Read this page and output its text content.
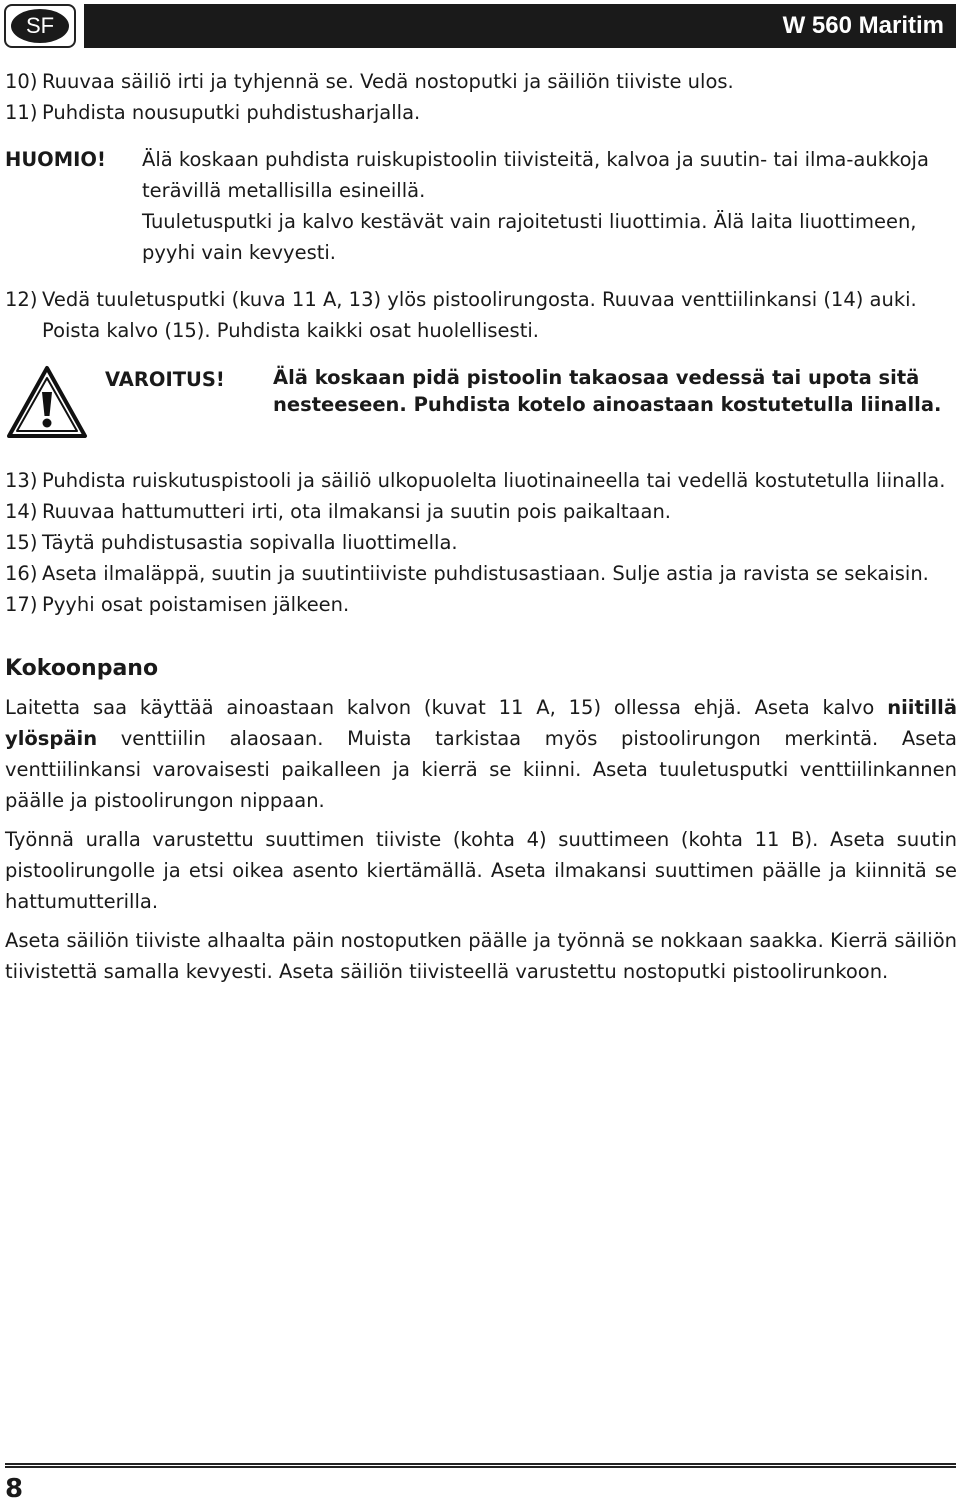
SF	W 560 Maritim
10) Ruuvaa säiliö irti ja tyhjennä se. Vedä nostoputki ja säiliön tiiviste ulos.
11) Puhdista nousuputki puhdistusharjalla.
HUOMIO!	Älä koskaan puhdista ruiskupistoolin tiivisteitä, kalvoa ja suutin- tai ilma-aukkoja terävillä metallisilla esineillä.
Tuuletusputki ja kalvo kestävät vain rajoitetusti liuottimia. Älä laita liuottimeen, pyyhi vain kevyesti.
12) Vedä tuuletusputki (kuva 11 A, 13) ylös pistoolirungosta. Ruuvaa venttiilinkansi (14) auki. Poista kalvo (15). Puhdista kaikki osat huolellisesti.
VAROITUS!	Älä koskaan pidä pistoolin takaosaa vedessä tai upota sitä nesteeseen. Puhdista kotelo ainoastaan kostutetulla liinalla.
13) Puhdista ruiskutuspistooli ja säiliö ulkopuolelta liuotinaineella tai vedellä kostutetulla liinalla.
14) Ruuvaa hattumutteri irti, ota ilmakansi ja suutin pois paikaltaan.
15) Täytä puhdistusastia sopivalla liuottimella.
16) Aseta ilmaläppä, suutin ja suutintiiviste puhdistusastiaan. Sulje astia ja ravista se sekaisin.
17) Pyyhi osat poistamisen jälkeen.
Kokoonpano

Laitetta saa käyttää ainoastaan kalvon (kuvat 11 A, 15) ollessa ehjä. Aseta kalvo niitillä ylöspäin venttiilin alaosaan. Muista tarkistaa myös pistoolirungon merkintä. Aseta venttiilinkansi varovaisesti paikalleen ja kierrä se kiinni. Aseta tuuletusputki venttiilinkannen päälle ja pistoolirungon nippaan.

Työnnä uralla varustettu suuttimen tiiviste (kohta 4) suuttimeen (kohta 11 B). Aseta suutin pistoolirungolle ja etsi oikea asento kiertämällä. Aseta ilmakansi suuttimen päälle ja kiinnitä se hattumutterilla.

Aseta säiliön tiiviste alhaalta päin nostoputken päälle ja työnnä se nokkaan saakka. Kierrä säiliön tiivistettä samalla kevyesti. Aseta säiliön tiivisteellä varustettu nostoputki pistoolirunkoon.

8
